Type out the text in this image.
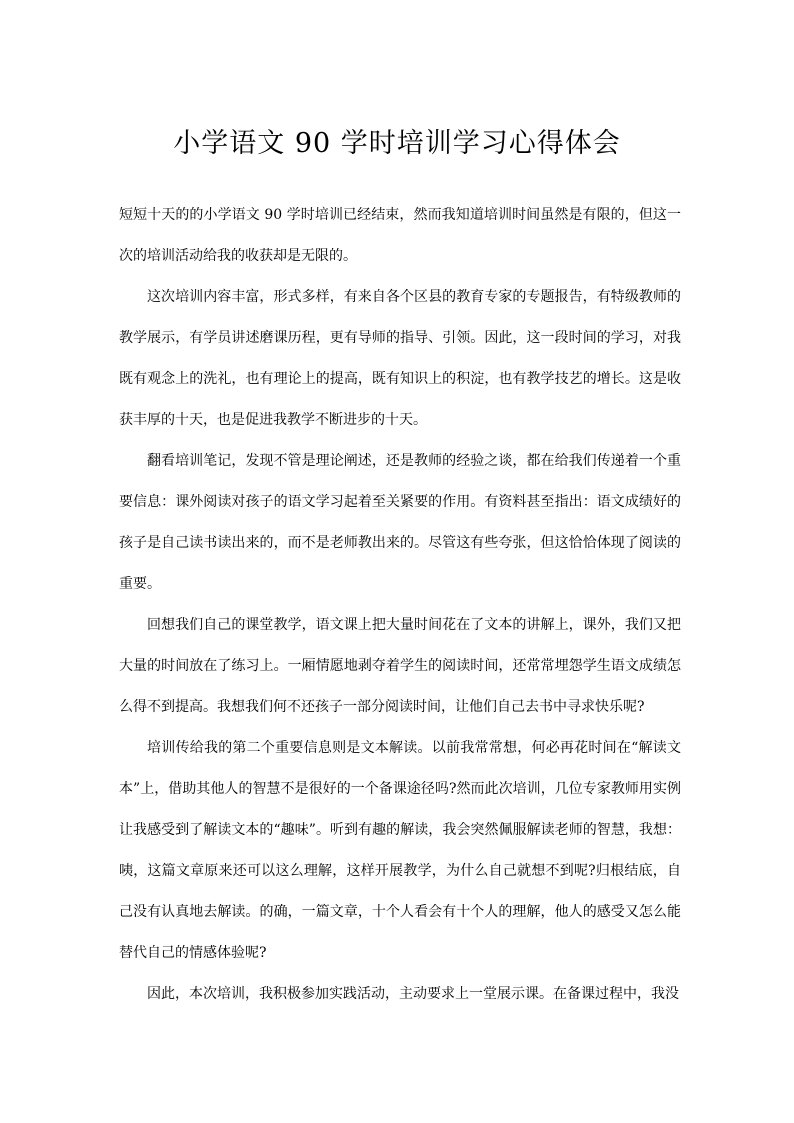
小学语文 90 学时培训学习心得体会

短短十天的的小学语文 90 学时培训已经结束，然而我知道培训时间虽然是有限的，但这一次的培训活动给我的收获却是无限的。

这次培训内容丰富，形式多样，有来自各个区县的教育专家的专题报告，有特级教师的教学展示，有学员讲述磨课历程，更有导师的指导、引领。因此，这一段时间的学习，对我既有观念上的洗礼，也有理论上的提高，既有知识上的积淀，也有教学技艺的增长。这是收获丰厚的十天，也是促进我教学不断进步的十天。

翻看培训笔记，发现不管是理论阐述，还是教师的经验之谈，都在给我们传递着一个重要信息：课外阅读对孩子的语文学习起着至关紧要的作用。有资料甚至指出：语文成绩好的孩子是自己读书读出来的，而不是老师教出来的。尽管这有些夸张，但这恰恰体现了阅读的重要。

回想我们自己的课堂教学，语文课上把大量时间花在了文本的讲解上，课外，我们又把大量的时间放在了练习上。一厢情愿地剥夺着学生的阅读时间，还常常埋怨学生语文成绩怎么得不到提高。我想我们何不还孩子一部分阅读时间，让他们自己去书中寻求快乐呢?

培训传给我的第二个重要信息则是文本解读。以前我常常想，何必再花时间在“解读文本”上，借助其他人的智慧不是很好的一个备课途径吗?然而此次培训，几位专家教师用实例让我感受到了解读文本的“趣味”。听到有趣的解读，我会突然佩服解读老师的智慧，我想：咦，这篇文章原来还可以这么理解，这样开展教学，为什么自己就想不到呢?归根结底，自己没有认真地去解读。的确，一篇文章，十个人看会有十个人的理解，他人的感受又怎么能替代自己的情感体验呢?

因此，本次培训，我积极参加实践活动，主动要求上一堂展示课。在备课过程中，我没
